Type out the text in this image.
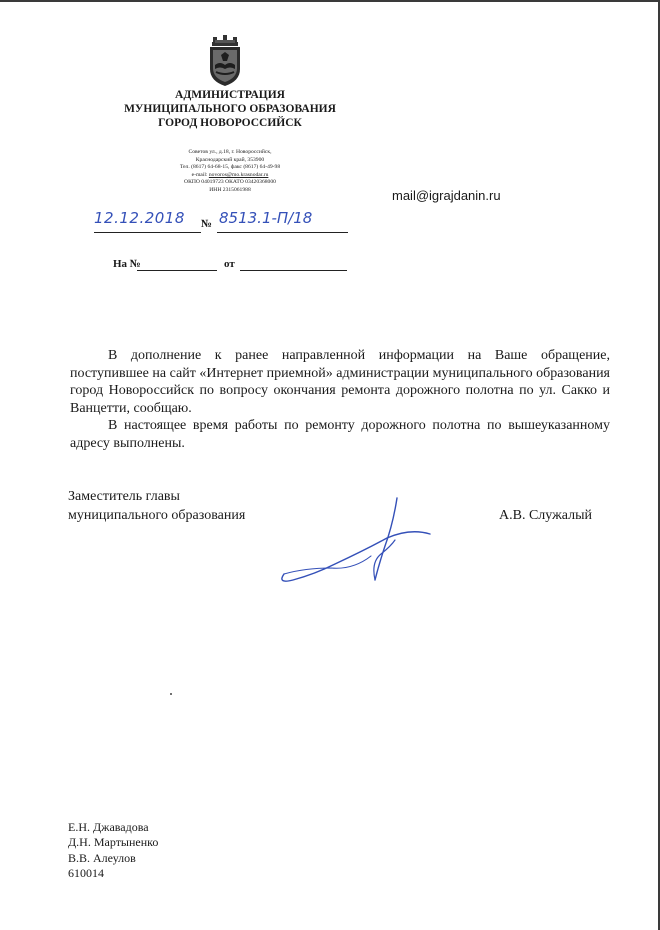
АДМИНИСТРАЦИЯ
МУНИЦИПАЛЬНОГО ОБРАЗОВАНИЯ
ГОРОД НОВОРОССИЙСК
Советов ул., д.18, г. Новороссийск,
Краснодарский край, 353900
Тел. (8617) 64-68-15, факс (8617) 64-49-98
e-mail: novoros@mo.krasnodar.ru
ОКПО 04019723 ОКАТО 03420368000
ИНН 2315061988	mail@igrajdanin.ru
12.12.2018	№ 8513.1-П/18
На №	от

В дополнение к ранее направленной информации на Ваше обращение, поступившее на сайт «Интернет приемной» администрации муниципального образования город Новороссийск по вопросу окончания ремонта дорожного полотна по ул. Сакко и Ванцетти, сообщаю.

В настоящее время работы по ремонту дорожного полотна по вышеуказанному адресу выполнены.

Заместитель главы
муниципального образования	А.В. Служалый
Е.Н. Джавадова
Д.Н. Мартыненко
В.В. Алеулов
610014
